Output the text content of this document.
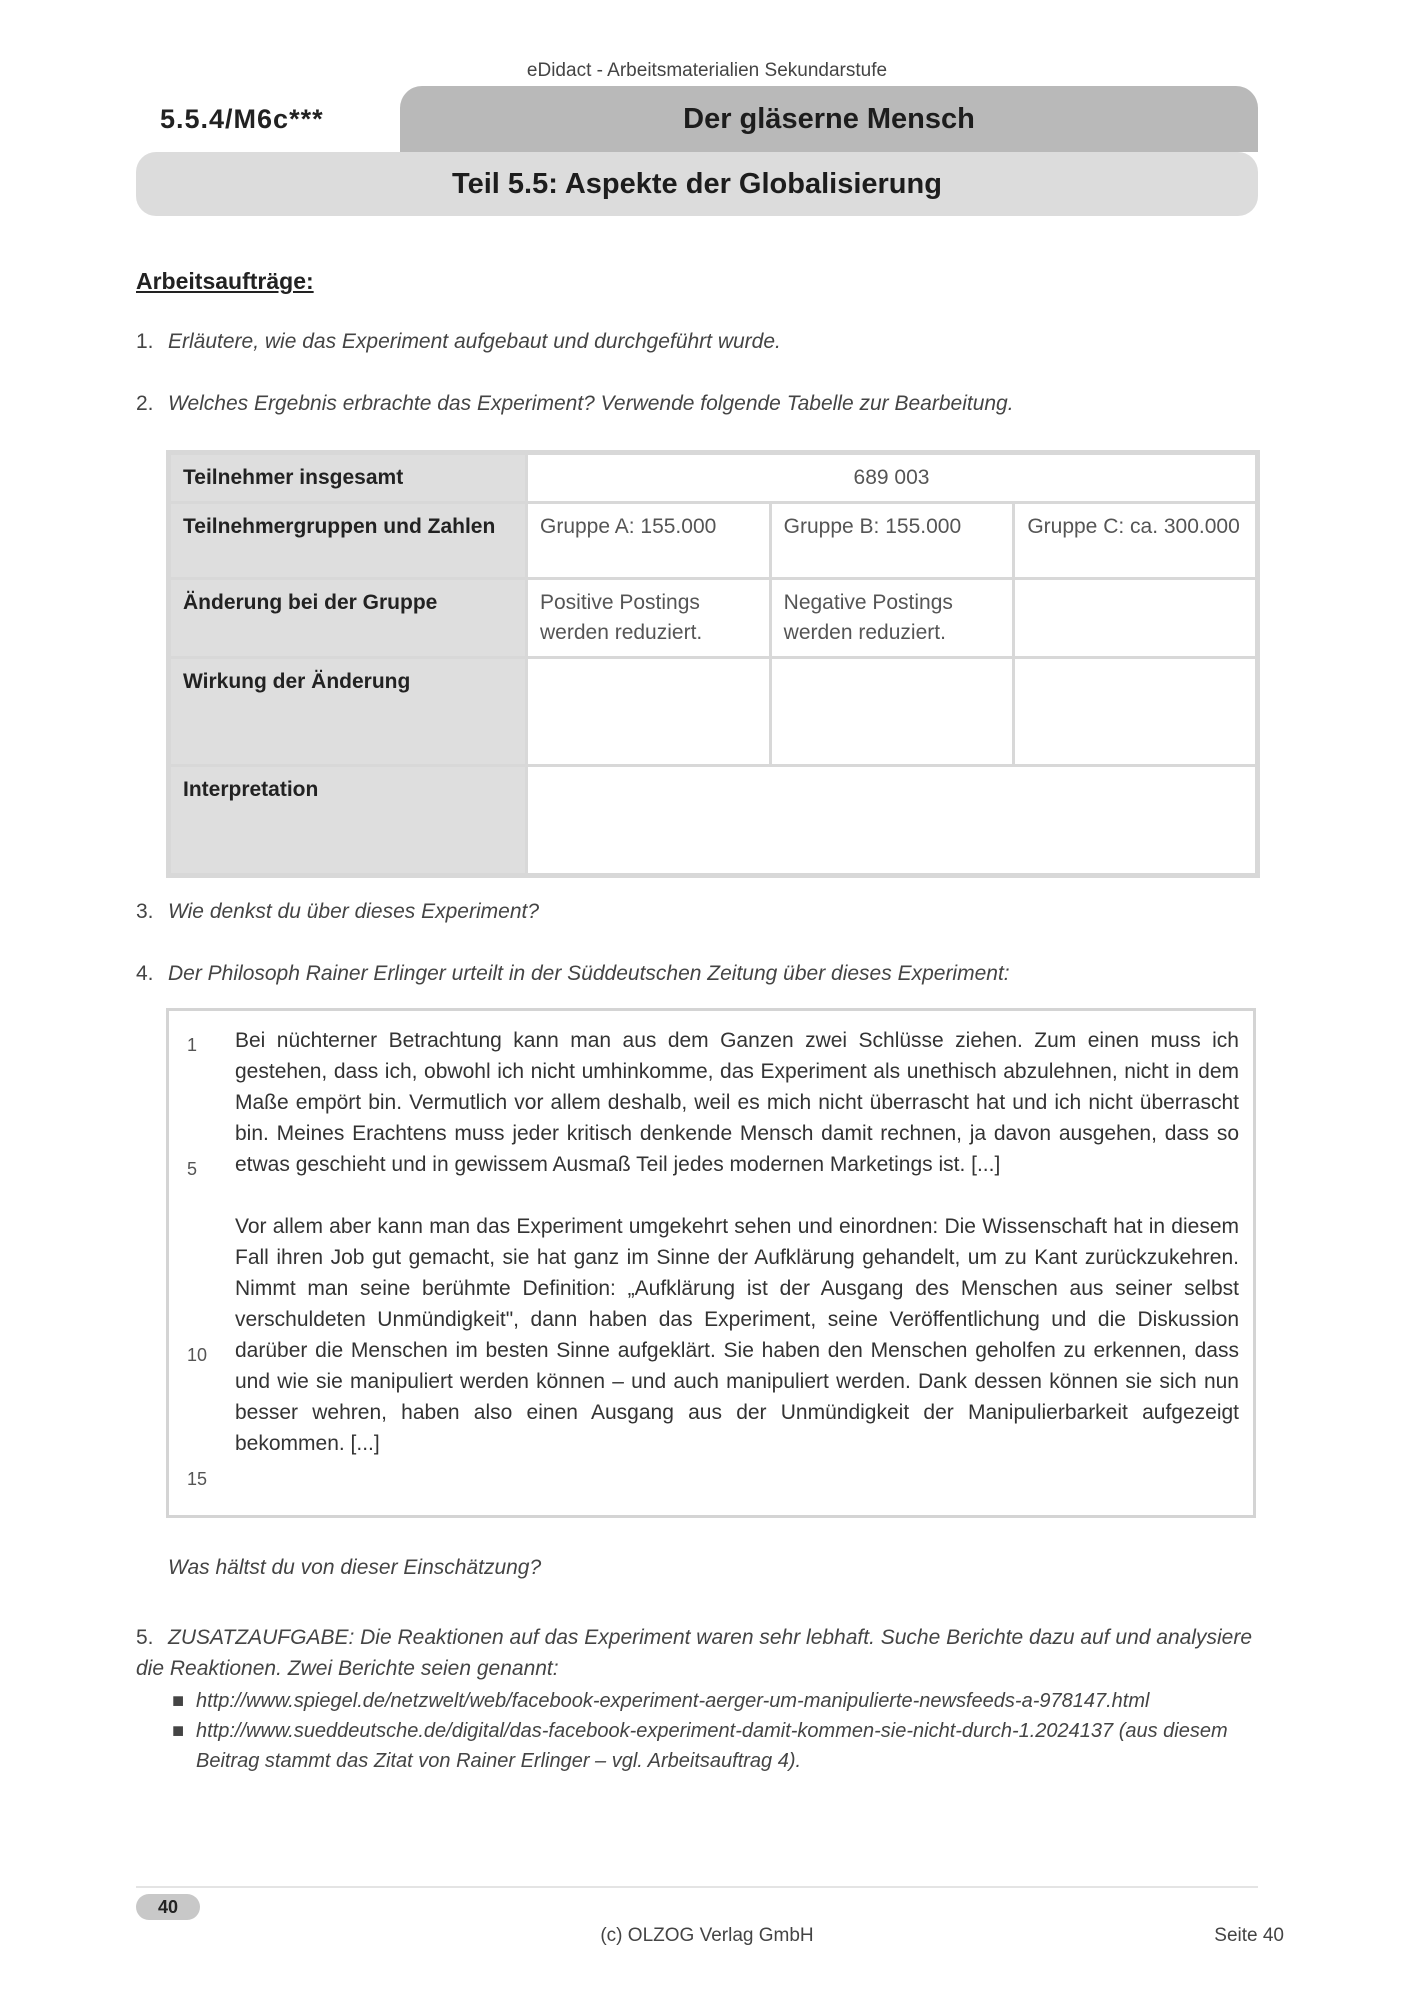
eDidact - Arbeitsmaterialien Sekundarstufe
5.5.4/M6c***	Der gläserne Mensch
Teil 5.5: Aspekte der Globalisierung
Arbeitsaufträge:
1. Erläutere, wie das Experiment aufgebaut und durchgeführt wurde.
2. Welches Ergebnis erbrachte das Experiment? Verwende folgende Tabelle zur Bearbeitung.
Teilnehmer insgesamt	689 003		
Teilnehmergruppen und Zahlen	Gruppe A: 155.000	Gruppe B: 155.000	Gruppe C: ca. 300.000
Änderung bei der Gruppe	Positive Postings werden reduziert.	Negative Postings werden reduziert.	
Wirkung der Änderung			
Interpretation			
3. Wie denkst du über dieses Experiment?
4. Der Philosoph Rainer Erlinger urteilt in der Süddeutschen Zeitung über dieses Experiment:
1
5
10
15

Bei nüchterner Betrachtung kann man aus dem Ganzen zwei Schlüsse ziehen. Zum einen muss ich gestehen, dass ich, obwohl ich nicht umhinkomme, das Experiment als unethisch abzulehnen, nicht in dem Maße empört bin. Vermutlich vor allem deshalb, weil es mich nicht überrascht hat und ich nicht überrascht bin. Meines Erachtens muss jeder kritisch denkende Mensch damit rechnen, ja davon ausgehen, dass so etwas geschieht und in gewissem Ausmaß Teil jedes modernen Marketings ist. [...]

Vor allem aber kann man das Experiment umgekehrt sehen und einordnen: Die Wissenschaft hat in diesem Fall ihren Job gut gemacht, sie hat ganz im Sinne der Aufklärung gehandelt, um zu Kant zurückzukehren. Nimmt man seine berühmte Definition: „Aufklärung ist der Ausgang des Menschen aus seiner selbst verschuldeten Unmündigkeit", dann haben das Experiment, seine Veröffentlichung und die Diskussion darüber die Menschen im besten Sinne aufgeklärt. Sie haben den Menschen geholfen zu erkennen, dass und wie sie manipuliert werden können – und auch manipuliert werden. Dank dessen können sie sich nun besser wehren, haben also einen Ausgang aus der Unmündigkeit der Manipulierbarkeit aufgezeigt bekommen. [...]

Was hältst du von dieser Einschätzung?
5. ZUSATZAUFGABE: Die Reaktionen auf das Experiment waren sehr lebhaft. Suche Berichte dazu auf und analysiere die Reaktionen. Zwei Berichte seien genannt:
■ http://www.spiegel.de/netzwelt/web/facebook-experiment-aerger-um-manipulierte-newsfeeds-a-978147.html
■ http://www.sueddeutsche.de/digital/das-facebook-experiment-damit-kommen-sie-nicht-durch-1.2024137 (aus diesem Beitrag stammt das Zitat von Rainer Erlinger – vgl. Arbeitsauftrag 4).
40
(c) OLZOG Verlag GmbH	Seite 40
